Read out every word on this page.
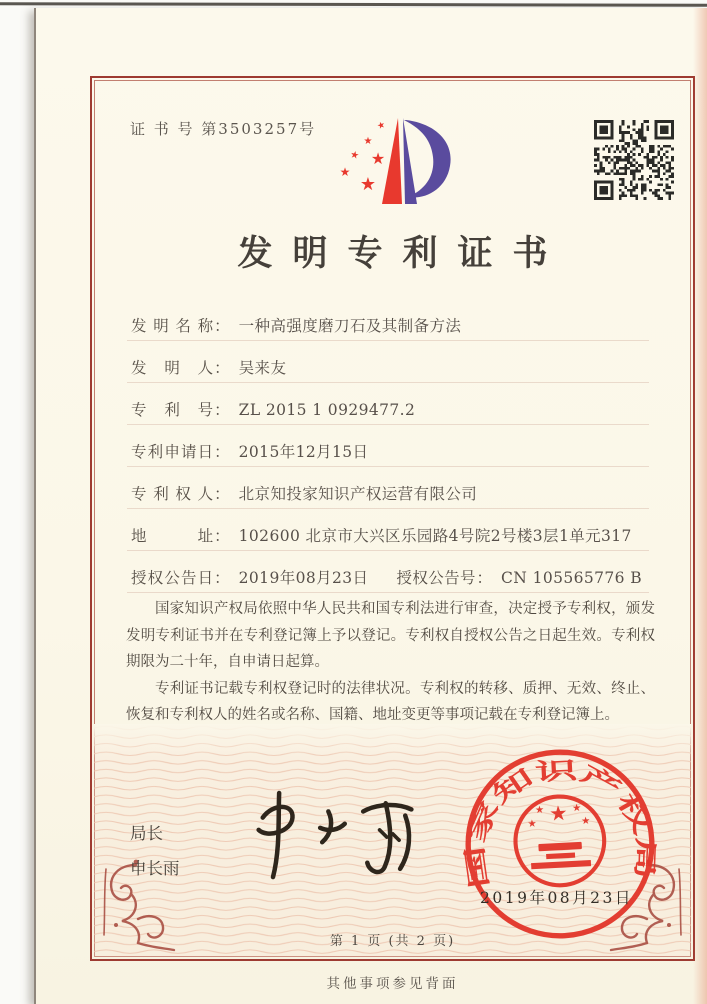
证 书 号 第3503257号	★
★
★ ★
★
★
发明专利证书
发明名称： 一种高强度磨刀石及其制备方法
发明人： 吴来友
专利号： ZL 2015 1 0929477.2
专利申请日： 2015年12月15日
专利权人： 北京知投家知识产权运营有限公司
地址： 102600 北京市大兴区乐园路4号院2号楼3层1单元317
授权公告日： 2019年08月23日 授权公告号： CN 105565776 B

国家知识产权局依照中华人民共和国专利法进行审查，决定授予专利权，颁发发明专利证书并在专利登记簿上予以登记。专利权自授权公告之日起生效。专利权期限为二十年，自申请日起算。

专利证书记载专利权登记时的法律状况。专利权的转移、质押、无效、终止、恢复和专利权人的姓名或名称、国籍、地址变更等事项记载在专利登记簿上。

局长
申长雨	国家知识产权局
★
★	★
★	★
2019年08月23日
第 1 页 (共 2 页)
其他事项参见背面
